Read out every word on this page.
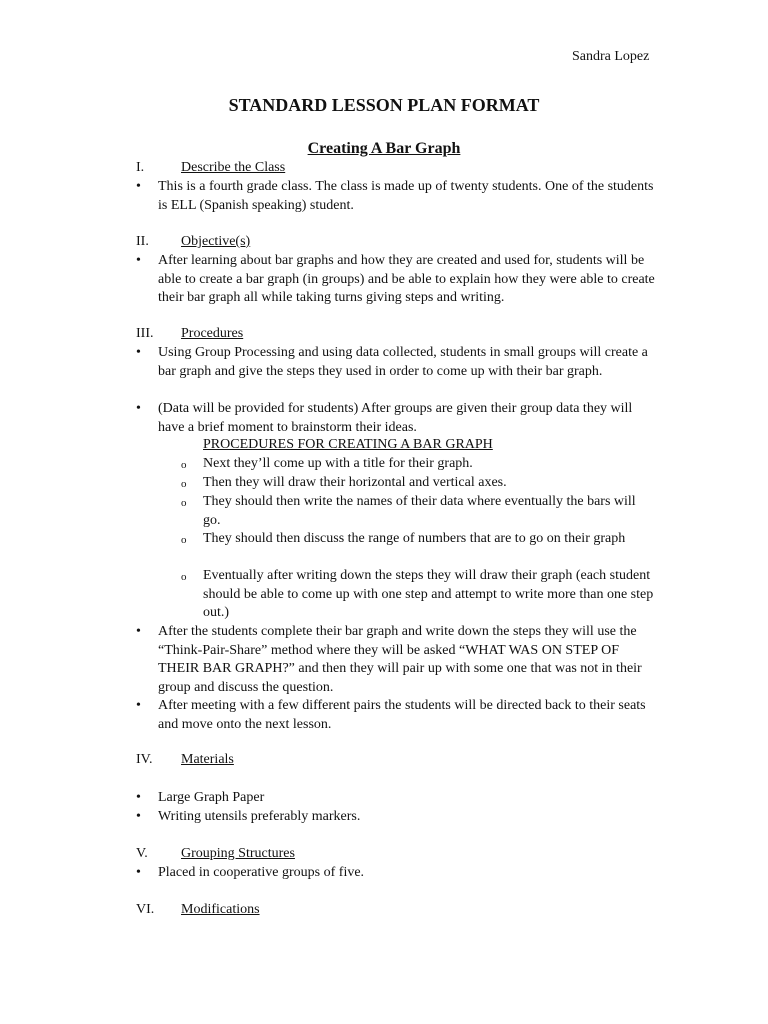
Sandra Lopez
STANDARD LESSON PLAN FORMAT
Creating A Bar Graph
I.	Describe the Class
•	This is a fourth grade class. The class is made up of twenty students. One of the students is ELL (Spanish speaking) student.
II. Objective(s)
•	After learning about bar graphs and how they are created and used for, students will be able to create a bar graph (in groups) and be able to explain how they were able to create their bar graph all while taking turns giving steps and writing.
III. Procedures
•	Using Group Processing and using data collected, students in small groups will create a bar graph and give the steps they used in order to come up with their bar graph.
•	(Data will be provided for students) After groups are given their group data they will have a brief moment to brainstorm their ideas.
PROCEDURES FOR CREATING A BAR GRAPH
o Next they’ll come up with a title for their graph.
o Then they will draw their horizontal and vertical axes.
o They should then write the names of their data where eventually the bars will go.
o They should then discuss the range of numbers that are to go on their graph
o Eventually after writing down the steps they will draw their graph (each student should be able to come up with one step and attempt to write more than one step out.)
•	After the students complete their bar graph and write down the steps they will use the “Think-Pair-Share” method where they will be asked “WHAT WAS ON STEP OF THEIR BAR GRAPH?” and then they will pair up with some one that was not in their group and discuss the question.
•	After meeting with a few different pairs the students will be directed back to their seats and move onto the next lesson.
IV. Materials
•	Large Graph Paper
•	Writing utensils preferably markers.
V. Grouping Structures
•	Placed in cooperative groups of five.
VI. Modifications
